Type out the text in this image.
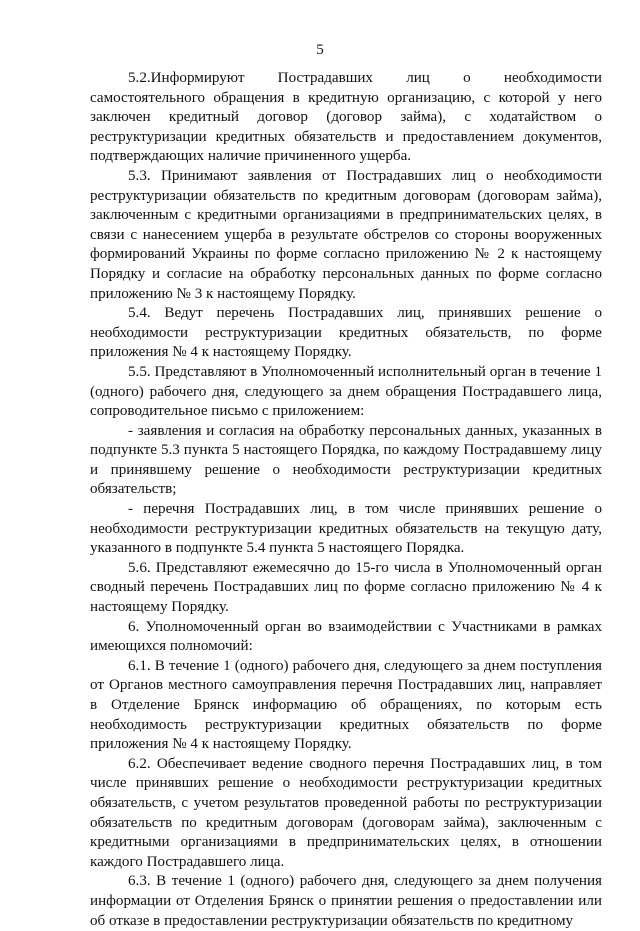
5

5.2.Информируют Пострадавших лиц о необходимости самостоятельного обращения в кредитную организацию, с которой у него заключен кредитный договор (договор займа), с ходатайством о реструктуризации кредитных обязательств и предоставлением документов, подтверждающих наличие причиненного ущерба.

5.3. Принимают заявления от Пострадавших лиц о необходимости реструктуризации обязательств по кредитным договорам (договорам займа), заключенным с кредитными организациями в предпринимательских целях, в связи с нанесением ущерба в результате обстрелов со стороны вооруженных формирований Украины по форме согласно приложению № 2 к настоящему Порядку и согласие на обработку персональных данных по форме согласно приложению № 3 к настоящему Порядку.

5.4. Ведут перечень Пострадавших лиц, принявших решение о необходимости реструктуризации кредитных обязательств, по форме приложения № 4 к настоящему Порядку.

5.5. Представляют в Уполномоченный исполнительный орган в течение 1 (одного) рабочего дня, следующего за днем обращения Пострадавшего лица, сопроводительное письмо с приложением:

- заявления и согласия на обработку персональных данных, указанных в подпункте 5.3 пункта 5 настоящего Порядка, по каждому Пострадавшему лицу и принявшему решение о необходимости реструктуризации кредитных обязательств;

- перечня Пострадавших лиц, в том числе принявших решение о необходимости реструктуризации кредитных обязательств на текущую дату, указанного в подпункте 5.4 пункта 5 настоящего Порядка.

5.6. Представляют ежемесячно до 15-го числа в Уполномоченный орган сводный перечень Пострадавших лиц по форме согласно приложению № 4 к настоящему Порядку.

6. Уполномоченный орган во взаимодействии с Участниками в рамках имеющихся полномочий:

6.1. В течение 1 (одного) рабочего дня, следующего за днем поступления от Органов местного самоуправления перечня Пострадавших лиц, направляет в Отделение Брянск информацию об обращениях, по которым есть необходимость реструктуризации кредитных обязательств по форме приложения № 4 к настоящему Порядку.

6.2. Обеспечивает ведение сводного перечня Пострадавших лиц, в том числе принявших решение о необходимости реструктуризации кредитных обязательств, с учетом результатов проведенной работы по реструктуризации обязательств по кредитным договорам (договорам займа), заключенным с кредитными организациями в предпринимательских целях, в отношении каждого Пострадавшего лица.

6.3. В течение 1 (одного) рабочего дня, следующего за днем получения информации от Отделения Брянск о принятии решения о предоставлении или об отказе в предоставлении реструктуризации обязательств по кредитному
